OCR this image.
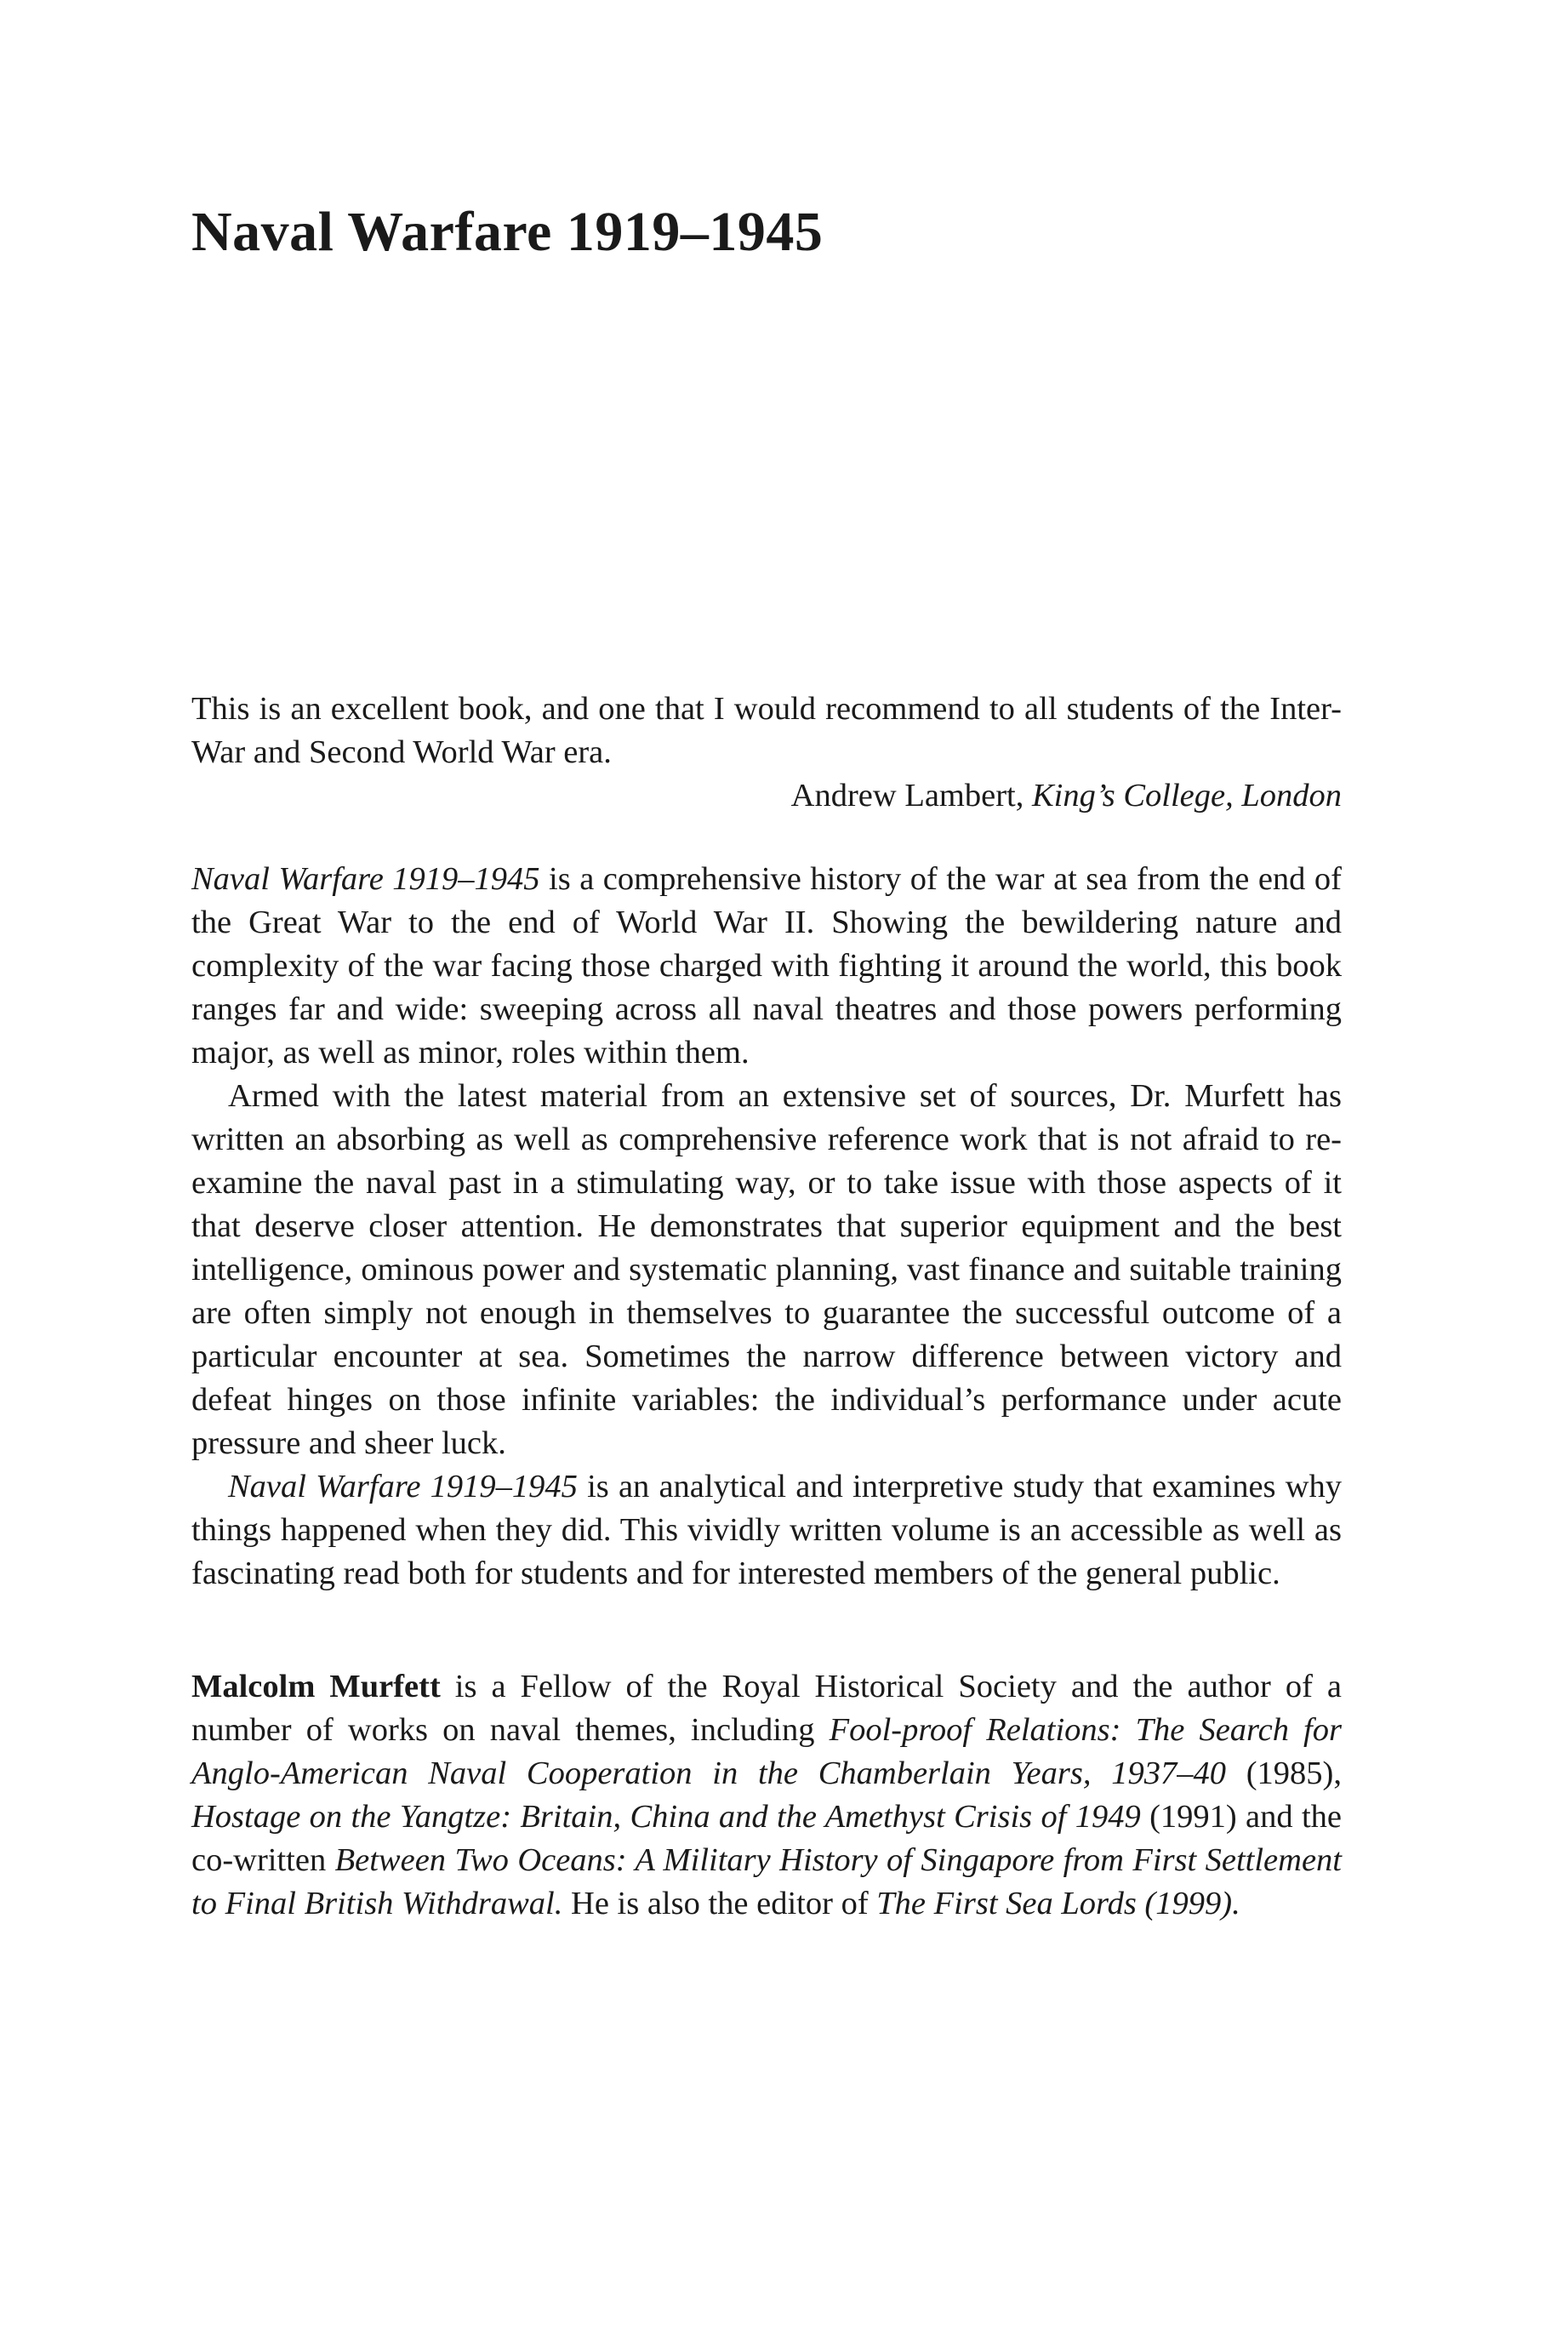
Naval Warfare 1919–1945

This is an excellent book, and one that I would recommend to all students of the Inter-War and Second World War era.

Andrew Lambert, King’s College, London

Naval Warfare 1919–1945 is a comprehensive history of the war at sea from the end of the Great War to the end of World War II. Showing the bewildering nature and complexity of the war facing those charged with fighting it around the world, this book ranges far and wide: sweeping across all naval theatres and those powers performing major, as well as minor, roles within them.

Armed with the latest material from an extensive set of sources, Dr. Murfett has written an absorbing as well as comprehensive reference work that is not afraid to re-examine the naval past in a stimulating way, or to take issue with those aspects of it that deserve closer attention. He demonstrates that superior equipment and the best intelligence, ominous power and systematic planning, vast finance and suitable training are often simply not enough in themselves to guarantee the successful outcome of a particular encounter at sea. Sometimes the narrow difference between victory and defeat hinges on those infinite variables: the individual’s performance under acute pressure and sheer luck.

Naval Warfare 1919–1945 is an analytical and interpretive study that examines why things happened when they did. This vividly written volume is an accessible as well as fascinating read both for students and for interested members of the general public.

Malcolm Murfett is a Fellow of the Royal Historical Society and the author of a number of works on naval themes, including Fool-proof Relations: The Search for Anglo-American Naval Cooperation in the Chamberlain Years, 1937–40 (1985), Hostage on the Yangtze: Britain, China and the Amethyst Crisis of 1949 (1991) and the co-written Between Two Oceans: A Military History of Singapore from First Settlement to Final British Withdrawal. He is also the editor of The First Sea Lords (1999).
